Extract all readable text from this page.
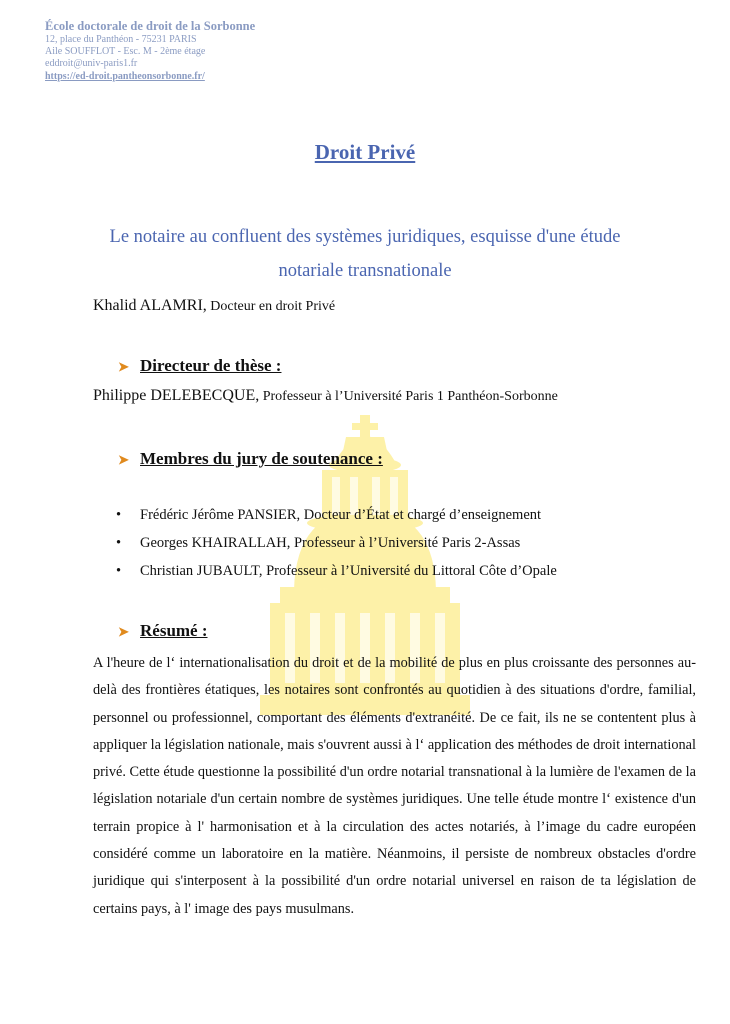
École doctorale de droit de la Sorbonne
12, place du Panthéon - 75231 PARIS
Aile SOUFFLOT - Esc. M - 2ème étage
eddroit@univ-paris1.fr
https://ed-droit.pantheonsorbonne.fr/
Droit Privé
Le notaire au confluent des systèmes juridiques, esquisse d'une étude
notariale transnationale
Khalid ALAMRI, Docteur en droit Privé
➤ Directeur de thèse :
Philippe DELEBECQUE, Professeur à l’Université Paris 1 Panthéon-Sorbonne
➤ Membres du jury de soutenance :
•	Frédéric Jérôme PANSIER, Docteur d’État et chargé d’enseignement
•	Georges KHAIRALLAH, Professeur à l’Université Paris 2-Assas
•	Christian JUBAULT, Professeur à l’Université du Littoral Côte d’Opale
➤ Résumé :

A l'heure de l‘ internationalisation du droit et de la mobilité de plus en plus croissante des personnes au-delà des frontières étatiques, les notaires sont confrontés au quotidien à des situations d'ordre, familial, personnel ou professionnel, comportant des éléments d'extranéité. De ce fait, ils ne se contentent plus à appliquer la législation nationale, mais s'ouvrent aussi à l‘ application des méthodes de droit international privé. Cette étude questionne la possibilité d'un ordre notarial transnational à la lumière de l'examen de la législation notariale d'un certain nombre de systèmes juridiques. Une telle étude montre l‘ existence d'un terrain propice à l' harmonisation et à la circulation des actes notariés, à l’image du cadre européen considéré comme un laboratoire en la matière. Néanmoins, il persiste de nombreux obstacles d'ordre juridique qui s'interposent à la possibilité d'un ordre notarial universel en raison de ta législation de certains pays, à l' image des pays musulmans.
